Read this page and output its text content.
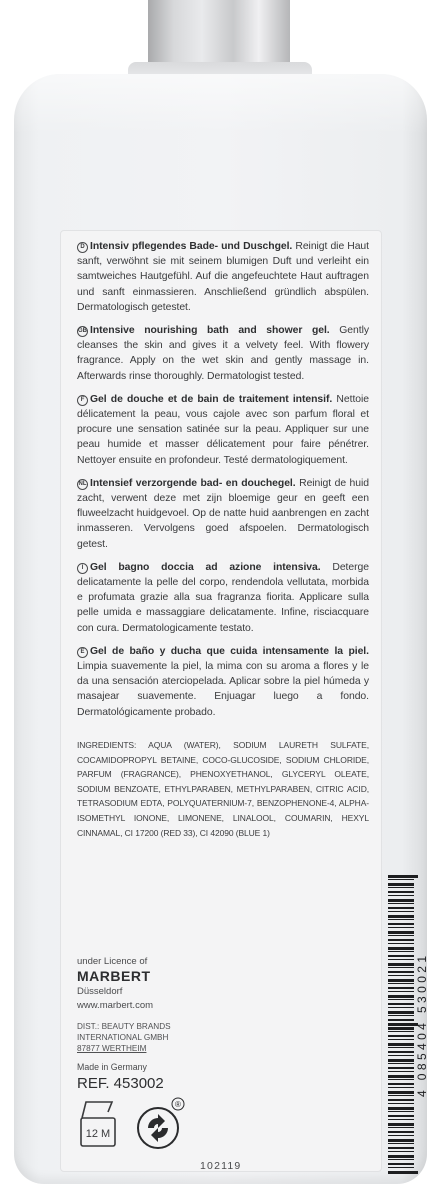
D Intensiv pflegendes Bade- und Duschgel. Reinigt die Haut sanft, verwöhnt sie mit seinem blumigen Duft und verleiht ein samtweiches Hautgefühl. Auf die angefeuchtete Haut auftragen und sanft einmassieren. Anschließend gründlich abspülen. Dermatologisch getestet.
GB Intensive nourishing bath and shower gel. Gently cleanses the skin and gives it a velvety feel. With flowery fragrance. Apply on the wet skin and gently massage in. Afterwards rinse thoroughly. Dermatologist tested.
F Gel de douche et de bain de traitement intensif. Nettoie délicatement la peau, vous cajole avec son parfum floral et procure une sensation satinée sur la peau. Appliquer sur une peau humide et masser délicatement pour faire pénétrer. Nettoyer ensuite en profondeur. Testé dermatologiquement.
NL Intensief verzorgende bad- en douchegel. Reinigt de huid zacht, verwent deze met zijn bloemige geur en geeft een fluweelzacht huidgevoel. Op de natte huid aanbrengen en zacht inmasseren. Vervolgens goed afspoelen. Dermatologisch getest.
I Gel bagno doccia ad azione intensiva. Deterge delicatamente la pelle del corpo, rendendola vellutata, morbida e profumata grazie alla sua fragranza fiorita. Applicare sulla pelle umida e massaggiare delicatamente. Infine, risciacquare con cura. Dermatologicamente testato.
E Gel de baño y ducha que cuida intensamente la piel. Limpia suavemente la piel, la mima con su aroma a flores y le da una sensación aterciopelada. Aplicar sobre la piel húmeda y masajear suavemente. Enjuagar luego a fondo. Dermatológicamente probado.
INGREDIENTS: AQUA (WATER), SODIUM LAURETH SULFATE, COCAMIDOPROPYL BETAINE, COCO-GLUCOSIDE, SODIUM CHLORIDE, PARFUM (FRAGRANCE), PHENOXYETHANOL, GLYCERYL OLEATE, SODIUM BENZOATE, ETHYLPARABEN, METHYLPARABEN, CITRIC ACID, TETRASODIUM EDTA, POLYQUATERNIUM-7, BENZOPHENONE-4, ALPHA-ISOMETHYL IONONE, LIMONENE, LINALOOL, COUMARIN, HEXYL CINNAMAL, CI 17200 (RED 33), CI 42090 (BLUE 1)
under Licence of
MARBERT
Düsseldorf
www.marbert.com
DIST.: BEAUTY BRANDS
INTERNATIONAL GMBH
87877 WERTHEIM
Made in Germany
REF. 453002
12 M
®
102119
4 085404 530021
